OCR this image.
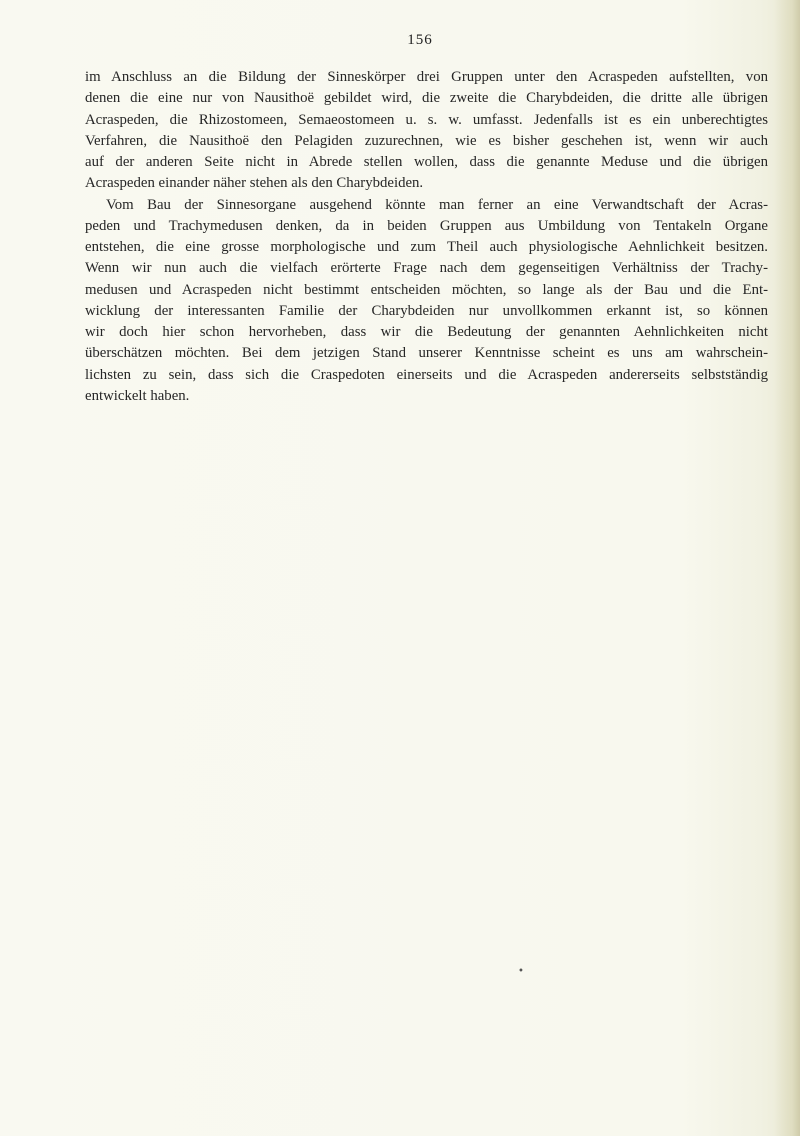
156
im Anschluss an die Bildung der Sinneskörper drei Gruppen unter den Acraspeden aufstellten, von
denen die eine nur von Nausithoë gebildet wird, die zweite die Charybdeiden, die dritte alle übrigen
Acraspeden, die Rhizostomeen, Semaeostomeen u. s. w. umfasst. Jedenfalls ist es ein unberechtigtes
Verfahren, die Nausithoë den Pelagiden zuzurechnen, wie es bisher geschehen ist, wenn wir auch
auf der anderen Seite nicht in Abrede stellen wollen, dass die genannte Meduse und die übrigen
Acraspeden einander näher stehen als den Charybdeiden.
Vom Bau der Sinnesorgane ausgehend könnte man ferner an eine Verwandtschaft der Acras-
peden und Trachymedusen denken, da in beiden Gruppen aus Umbildung von Tentakeln Organe
entstehen, die eine grosse morphologische und zum Theil auch physiologische Aehnlichkeit besitzen.
Wenn wir nun auch die vielfach erörterte Frage nach dem gegenseitigen Verhältniss der Trachy-
medusen und Acraspeden nicht bestimmt entscheiden möchten, so lange als der Bau und die Ent-
wicklung der interessanten Familie der Charybdeiden nur unvollkommen erkannt ist, so können
wir doch hier schon hervorheben, dass wir die Bedeutung der genannten Aehnlichkeiten nicht
überschätzen möchten. Bei dem jetzigen Stand unserer Kenntnisse scheint es uns am wahrschein-
lichsten zu sein, dass sich die Craspedoten einerseits und die Acraspeden andererseits selbstständig
entwickelt haben.
•
